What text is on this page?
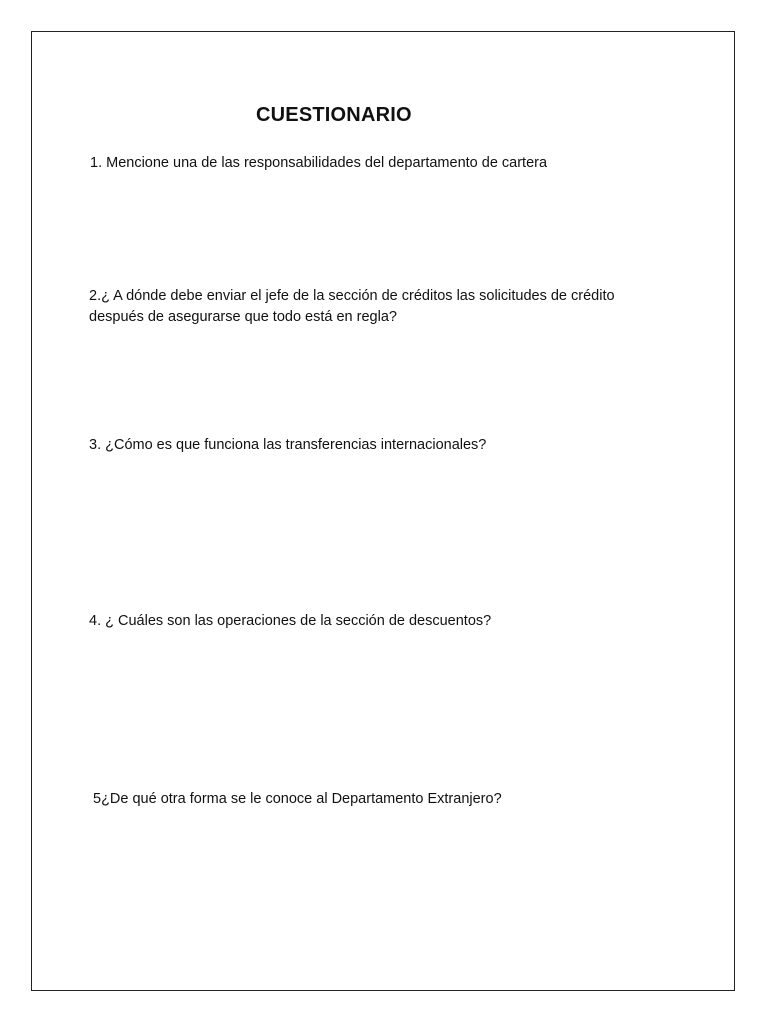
CUESTIONARIO
1. Mencione una de las responsabilidades del departamento de cartera
2.¿ A dónde debe enviar el jefe de la sección de créditos las solicitudes de crédito
después de asegurarse que todo está en regla?
3. ¿Cómo es que funciona las transferencias internacionales?
4. ¿ Cuáles son las operaciones de la sección de descuentos?
5¿De qué otra forma se le conoce al Departamento Extranjero?
